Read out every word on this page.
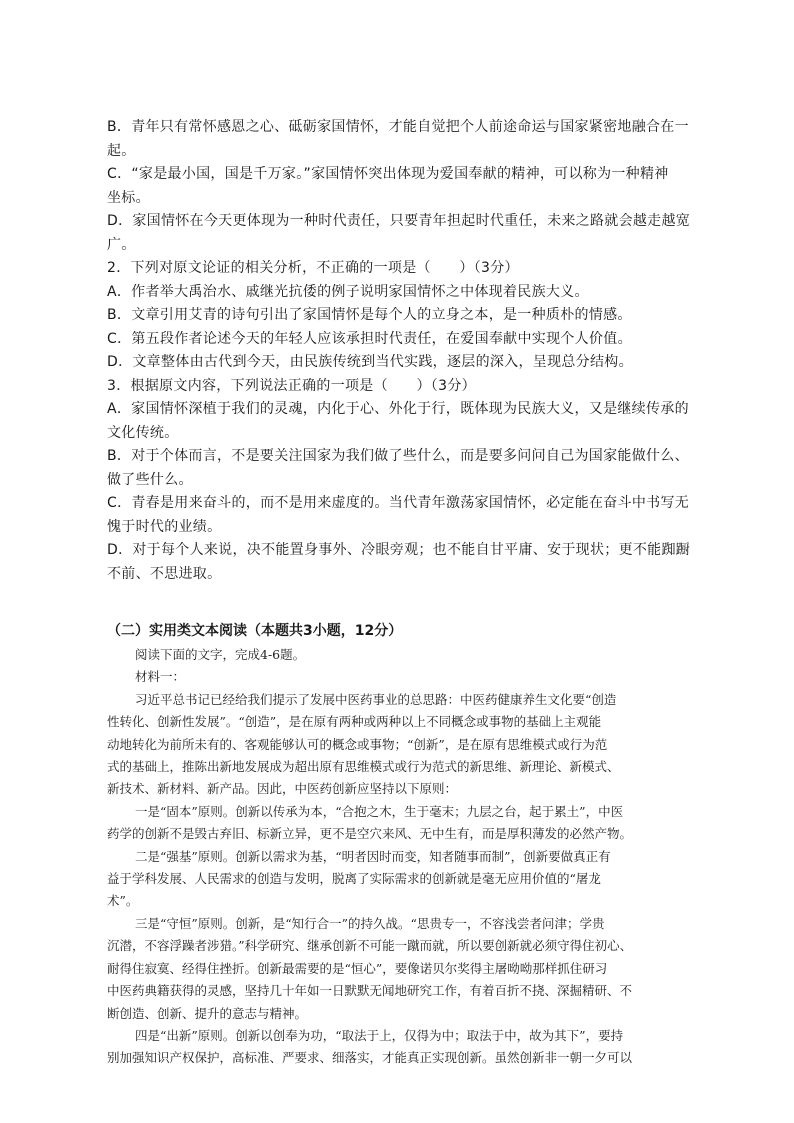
B．青年只有常怀感恩之心、砥砺家国情怀，才能自觉把个人前途命运与国家紧密地融合在一
起。
C．“家是最小国，国是千万家。”家国情怀突出体现为爱国奉献的精神，可以称为一种精神
坐标。
D．家国情怀在今天更体现为一种时代责任，只要青年担起时代重任，未来之路就会越走越宽
广。
2．下列对原文论证的相关分析，不正确的一项是（　　）（3分）
A．作者举大禹治水、戚继光抗倭的例子说明家国情怀之中体现着民族大义。
B．文章引用艾青的诗句引出了家国情怀是每个人的立身之本，是一种质朴的情感。
C．第五段作者论述今天的年轻人应该承担时代责任，在爱国奉献中实现个人价值。
D．文章整体由古代到今天，由民族传统到当代实践，逐层的深入，呈现总分结构。
3．根据原文内容，下列说法正确的一项是（　　）（3分）
A．家国情怀深植于我们的灵魂，内化于心、外化于行，既体现为民族大义，又是继续传承的
文化传统。
B．对于个体而言，不是要关注国家为我们做了些什么，而是要多问问自己为国家能做什么、
做了些什么。
C．青春是用来奋斗的，而不是用来虚度的。当代青年激荡家国情怀，必定能在奋斗中书写无
愧于时代的业绩。
D．对于每个人来说，决不能置身事外、冷眼旁观；也不能自甘平庸、安于现状；更不能踟蹰
不前、不思进取。
（二）实用类文本阅读（本题共3小题，12分）
阅读下面的文字，完成4-6题。
材料一：
习近平总书记已经给我们提示了发展中医药事业的总思路：中医药健康养生文化要“创造
性转化、创新性发展”。“创造”，是在原有两种或两种以上不同概念或事物的基础上主观能
动地转化为前所未有的、客观能够认可的概念或事物；“创新”，是在原有思维模式或行为范
式的基础上，推陈出新地发展成为超出原有思维模式或行为范式的新思维、新理论、新模式、
新技术、新材料、新产品。因此，中医药创新应坚持以下原则：
一是“固本”原则。创新以传承为本，“合抱之木，生于毫末；九层之台，起于累土”，中医
药学的创新不是毁古弃旧、标新立异，更不是空穴来风、无中生有，而是厚积薄发的必然产物。
二是“强基”原则。创新以需求为基，“明者因时而变，知者随事而制”，创新要做真正有
益于学科发展、人民需求的创造与发明，脱离了实际需求的创新就是毫无应用价值的“屠龙
术”。
三是“守恒”原则。创新，是“知行合一”的持久战。“思贵专一，不容浅尝者问津；学贵
沉潜，不容浮躁者涉猎。”科学研究、继承创新不可能一蹴而就，所以要创新就必须守得住初心、
耐得住寂寞、经得住挫折。创新最需要的是“恒心”，要像诺贝尔奖得主屠呦呦那样抓住研习
中医药典籍获得的灵感，坚持几十年如一日默默无闻地研究工作，有着百折不挠、深掘精研、不
断创造、创新、提升的意志与精神。
四是“出新”原则。创新以创奉为功，“取法于上，仅得为中；取法于中，故为其下”，要持
别加强知识产权保护，高标准、严要求、细落实，才能真正实现创新。虽然创新非一朝一夕可以
